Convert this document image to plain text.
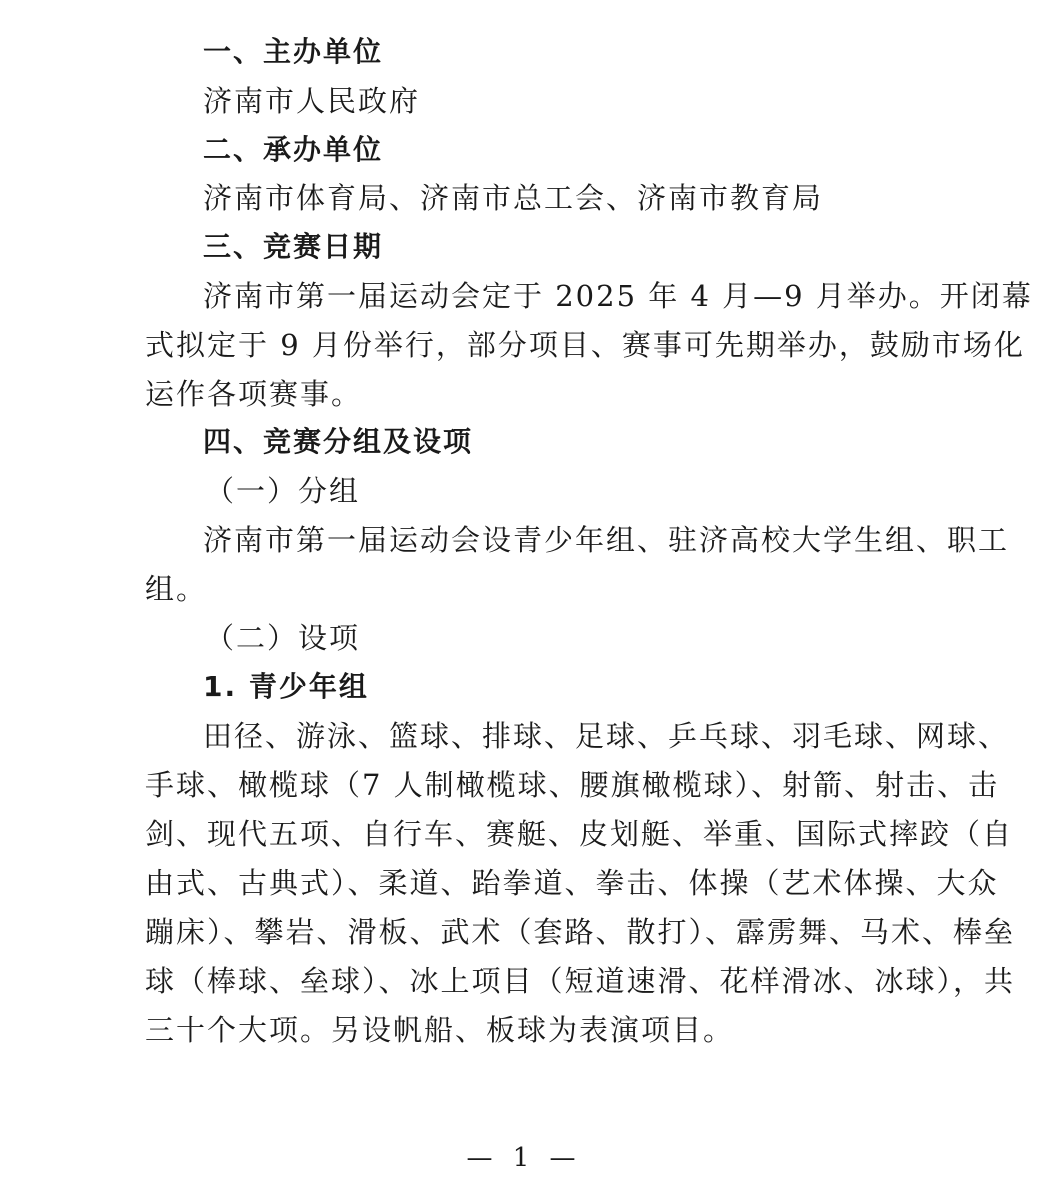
一、主办单位
济南市人民政府
二、承办单位
济南市体育局、济南市总工会、济南市教育局
三、竞赛日期
济南市第一届运动会定于 2025 年 4 月—9 月举办。开闭幕
式拟定于 9 月份举行，部分项目、赛事可先期举办，鼓励市场化
运作各项赛事。
四、竞赛分组及设项
（一）分组
济南市第一届运动会设青少年组、驻济高校大学生组、职工
组。
（二）设项
1. 青少年组
田径、游泳、篮球、排球、足球、乒乓球、羽毛球、网球、
手球、橄榄球（7 人制橄榄球、腰旗橄榄球）、射箭、射击、击
剑、现代五项、自行车、赛艇、皮划艇、举重、国际式摔跤（自
由式、古典式）、柔道、跆拳道、拳击、体操（艺术体操、大众
蹦床）、攀岩、滑板、武术（套路、散打）、霹雳舞、马术、棒垒
球（棒球、垒球）、冰上项目（短道速滑、花样滑冰、冰球），共
三十个大项。另设帆船、板球为表演项目。
— 1 —
